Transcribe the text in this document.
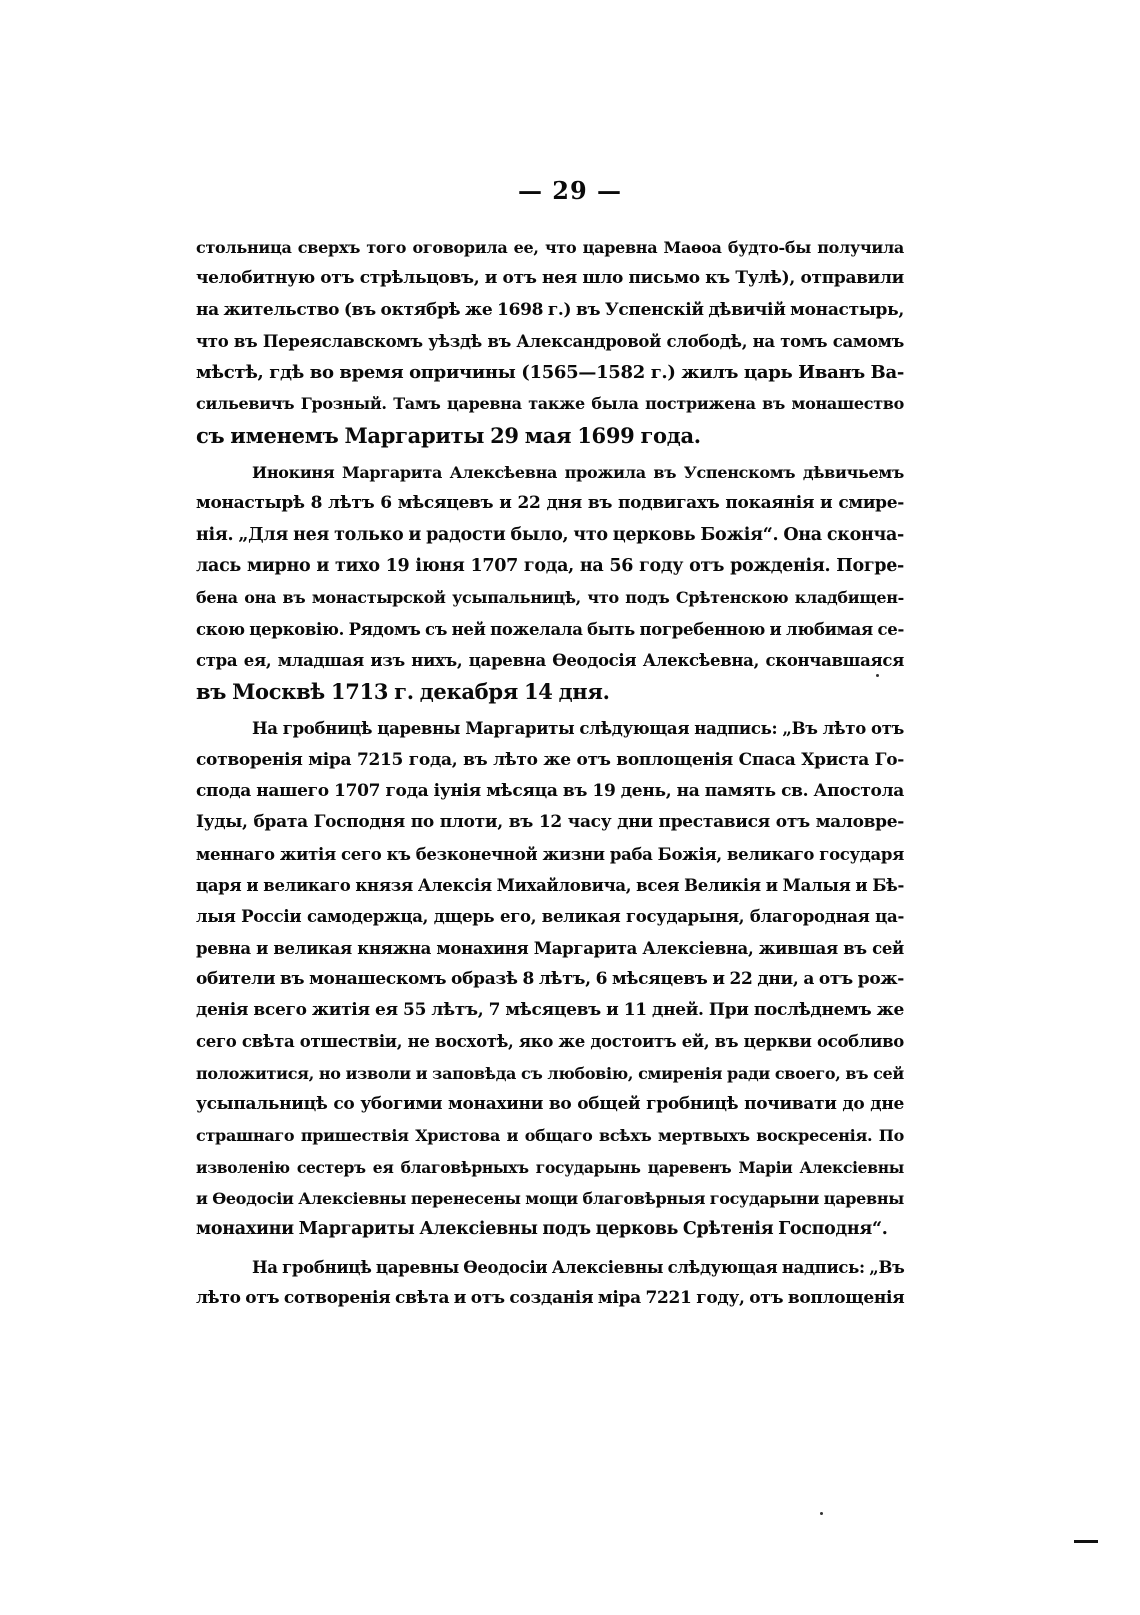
— 29 —
стольница сверхъ того оговорила ее, что царевна Маѳоа будто-бы получила
челобитную отъ стрѣльцовъ, и отъ нея шло письмо къ Тулѣ), отправили
на жительство (въ октябрѣ же 1698 г.) въ Успенскій дѣвичій монастырь,
что въ Переяславскомъ уѣздѣ въ Александровой слободѣ, на томъ самомъ
мѣстѣ, гдѣ во время опричины (1565—1582 г.) жилъ царь Иванъ Ва-
сильевичъ Грозный. Тамъ царевна также была пострижена въ монашество
съ именемъ Маргариты 29 мая 1699 года.
Инокиня Маргарита Алексѣевна прожила въ Успенскомъ дѣвичьемъ
монастырѣ 8 лѣтъ 6 мѣсяцевъ и 22 дня въ подвигахъ покаянія и смире-
нія. „Для нея только и радости было, что церковь Божія“. Она сконча-
лась мирно и тихо 19 іюня 1707 года, на 56 году отъ рожденія. Погре-
бена она въ монастырской усыпальницѣ, что подъ Срѣтенскою кладбищен-
скою церковію. Рядомъ съ ней пожелала быть погребенною и любимая се-
стра ея, младшая изъ нихъ, царевна Ѳеодосія Алексѣевна, скончавшаяся
въ Москвѣ 1713 г. декабря 14 дня.
На гробницѣ царевны Маргариты слѣдующая надпись: „Въ лѣто отъ
сотворенія міра 7215 года, въ лѣто же отъ воплощенія Спаса Христа Го-
спода нашего 1707 года іунія мѣсяца въ 19 день, на память св. Апостола
Іуды, брата Господня по плоти, въ 12 часу дни преставися отъ маловре-
меннаго житія сего къ безконечной жизни раба Божія, великаго государя
царя и великаго князя Алексія Михайловича, всея Великія и Малыя и Бѣ-
лыя Россіи самодержца, дщерь его, великая государыня, благородная ца-
ревна и великая княжна монахиня Маргарита Алексіевна, жившая въ сей
обители въ монашескомъ образѣ 8 лѣтъ, 6 мѣсяцевъ и 22 дни, а отъ рож-
денія всего житія ея 55 лѣтъ, 7 мѣсяцевъ и 11 дней. При послѣднемъ же
сего свѣта отшествіи, не восхотѣ, яко же достоитъ ей, въ церкви особливо
положитися, но изволи и заповѣда съ любовію, смиренія ради своего, въ сей
усыпальницѣ со убогими монахини во общей гробницѣ почивати до дне
страшнаго пришествія Христова и общаго всѣхъ мертвыхъ воскресенія. По
изволенію сестеръ ея благовѣрныхъ государынь царевенъ Маріи Алексіевны
и Ѳеодосіи Алексіевны перенесены мощи благовѣрныя государыни царевны
монахини Маргариты Алексіевны подъ церковь Срѣтенія Господня“.
На гробницѣ царевны Ѳеодосіи Алексіевны слѣдующая надпись: „Въ
лѣто отъ сотворенія свѣта и отъ созданія міра 7221 году, отъ воплощенія
